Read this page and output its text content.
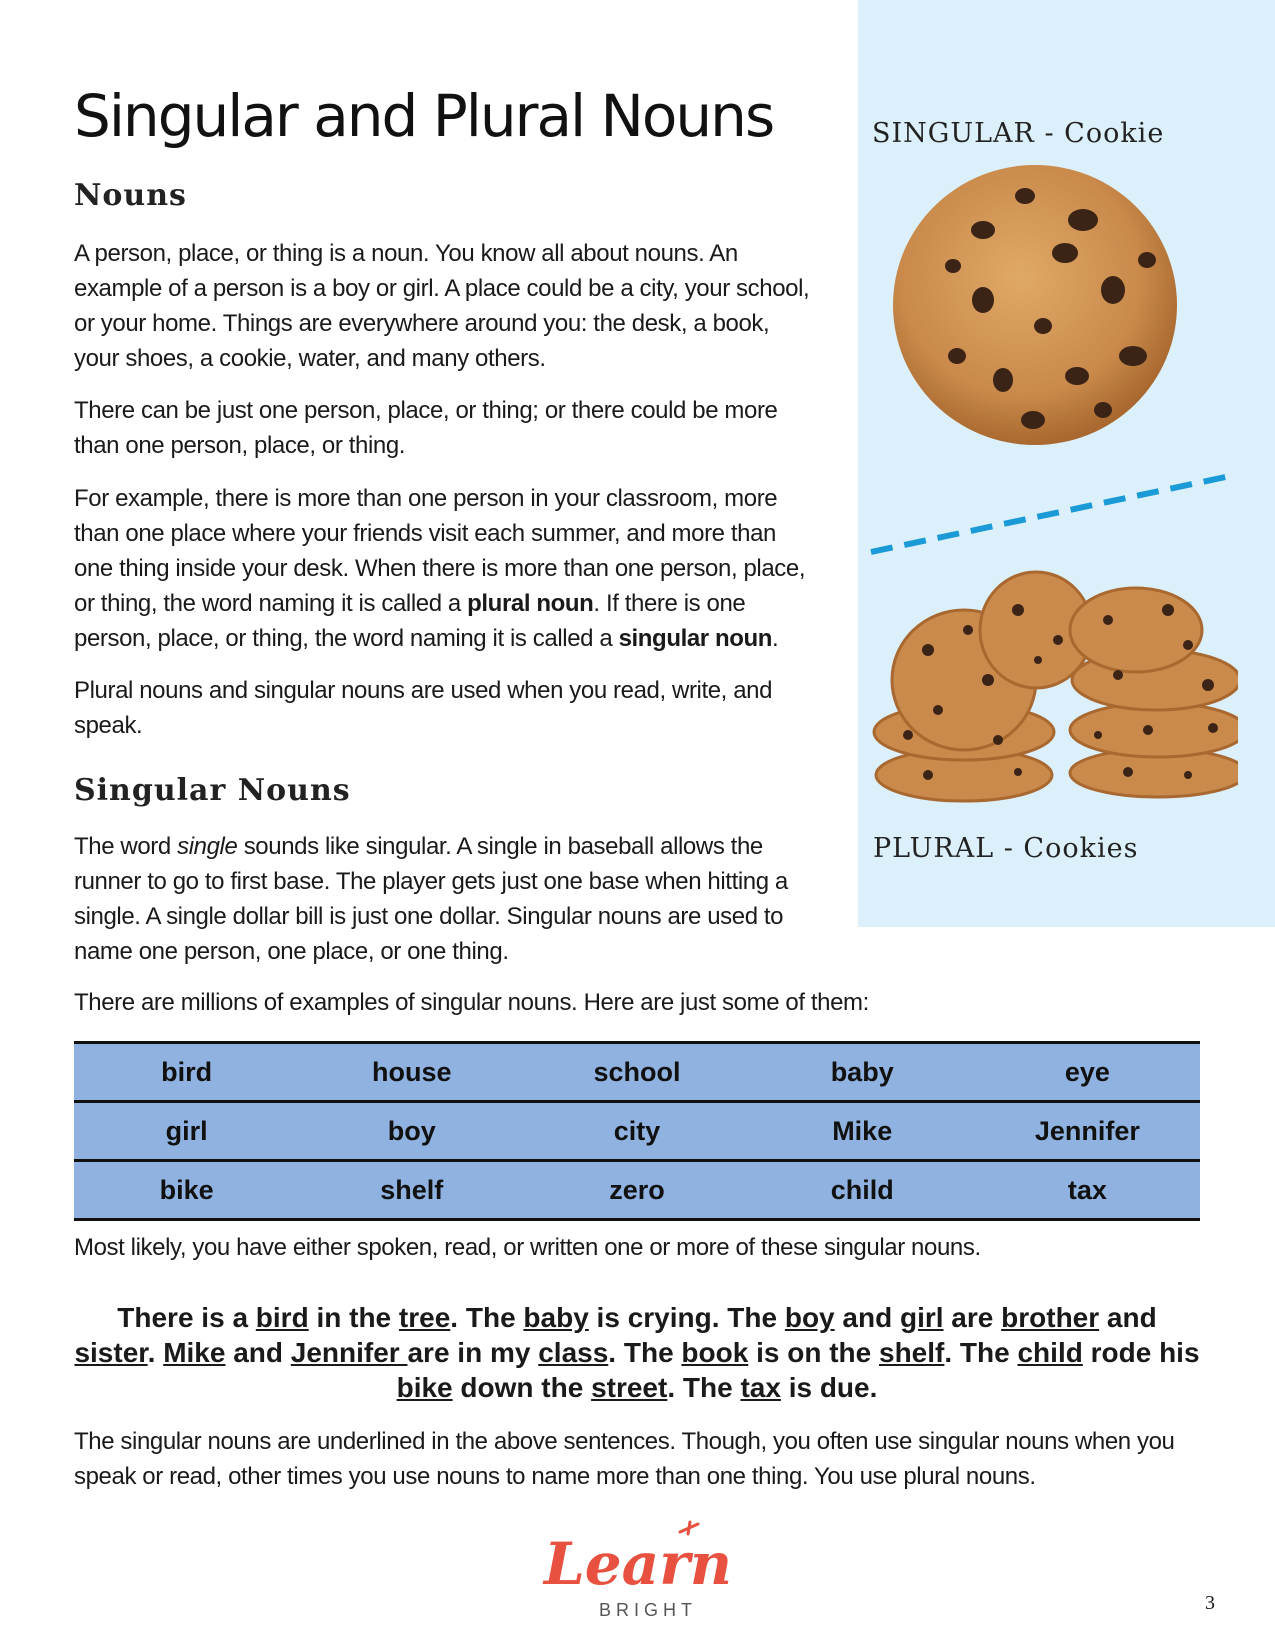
SINGULAR - Cookie
PLURAL - Cookies
Singular and Plural Nouns
Nouns

A person, place, or thing is a noun. You know all about nouns. An example of a person is a boy or girl. A place could be a city, your school, or your home. Things are everywhere around you: the desk, a book, your shoes, a cookie, water, and many others.

There can be just one person, place, or thing; or there could be more than one person, place, or thing.

For example, there is more than one person in your classroom, more than one place where your friends visit each summer, and more than one thing inside your desk. When there is more than one person, place, or thing, the word naming it is called a plural noun. If there is one person, place, or thing, the word naming it is called a singular noun.

Plural nouns and singular nouns are used when you read, write, and speak.

Singular Nouns

The word single sounds like singular. A single in baseball allows the runner to go to first base. The player gets just one base when hitting a single. A single dollar bill is just one dollar. Singular nouns are used to name one person, one place, or one thing.

There are millions of examples of singular nouns. Here are just some of them:

bird	house	school	baby	eye
girl	boy	city	Mike	Jennifer
bike	shelf	zero	child	tax

Most likely, you have either spoken, read, or written one or more of these singular nouns.

There is a bird in the tree. The baby is crying. The boy and girl are brother and sister. Mike and Jennifer are in my class. The book is on the shelf. The child rode his bike down the street. The tax is due.

The singular nouns are underlined in the above sentences. Though, you often use singular nouns when you speak or read, other times you use nouns to name more than one thing. You use plural nouns.

Learn
BRIGHT	3
